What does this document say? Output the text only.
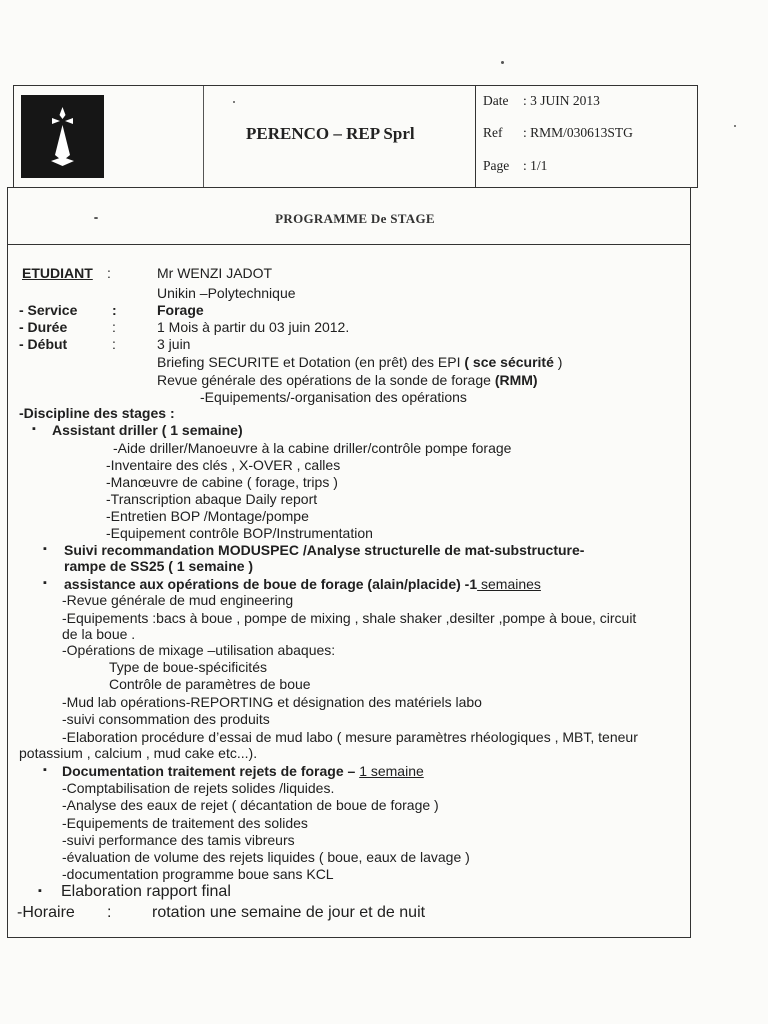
PERENCO – REP Sprl
Date : 3 JUIN 2013
Ref : RMM/030613STG
Page : 1/1
PROGRAMME De STAGE
ETUDIANT :	Mr WENZI JADOT
Unikin –Polytechnique
- Service :	Forage
- Durée	:	1 Mois à partir du 03 juin 2012.
- Début	:	3 juin
Briefing SECURITE et Dotation (en prêt) des EPI ( sce sécurité )
Revue générale des opérations de la sonde de forage (RMM)
-Equipements/-organisation des opérations
-Discipline des stages :
▪ Assistant driller ( 1 semaine)
-Aide driller/Manoeuvre à la cabine driller/contrôle pompe forage
-Inventaire des clés , X-OVER , calles
-Manœuvre de cabine ( forage, trips )
-Transcription abaque Daily report
-Entretien BOP /Montage/pompe
-Equipement contrôle BOP/Instrumentation
▪ Suivi recommandation MODUSPEC /Analyse structurelle de mat-substructure-
rampe de SS25 ( 1 semaine )
▪ assistance aux opérations de boue de forage (alain/placide) -1 semaines
-Revue générale de mud engineering
-Equipements :bacs à boue , pompe de mixing , shale shaker ,desilter ,pompe à boue, circuit
de la boue .
-Opérations de mixage –utilisation abaques:
Type de boue-spécificités
Contrôle de paramètres de boue
-Mud lab opérations-REPORTING et désignation des matériels labo
-suivi consommation des produits
-Elaboration procédure d’essai de mud labo ( mesure paramètres rhéologiques , MBT, teneur
potassium , calcium , mud cake etc...).
▪ Documentation traitement rejets de forage – 1 semaine
-Comptabilisation de rejets solides /liquides.
-Analyse des eaux de rejet ( décantation de boue de forage )
-Equipements de traitement des solides
-suivi performance des tamis vibreurs
-évaluation de volume des rejets liquides ( boue, eaux de lavage )
-documentation programme boue sans KCL
▪ Elaboration rapport final
-Horaire :	rotation une semaine de jour et de nuit
